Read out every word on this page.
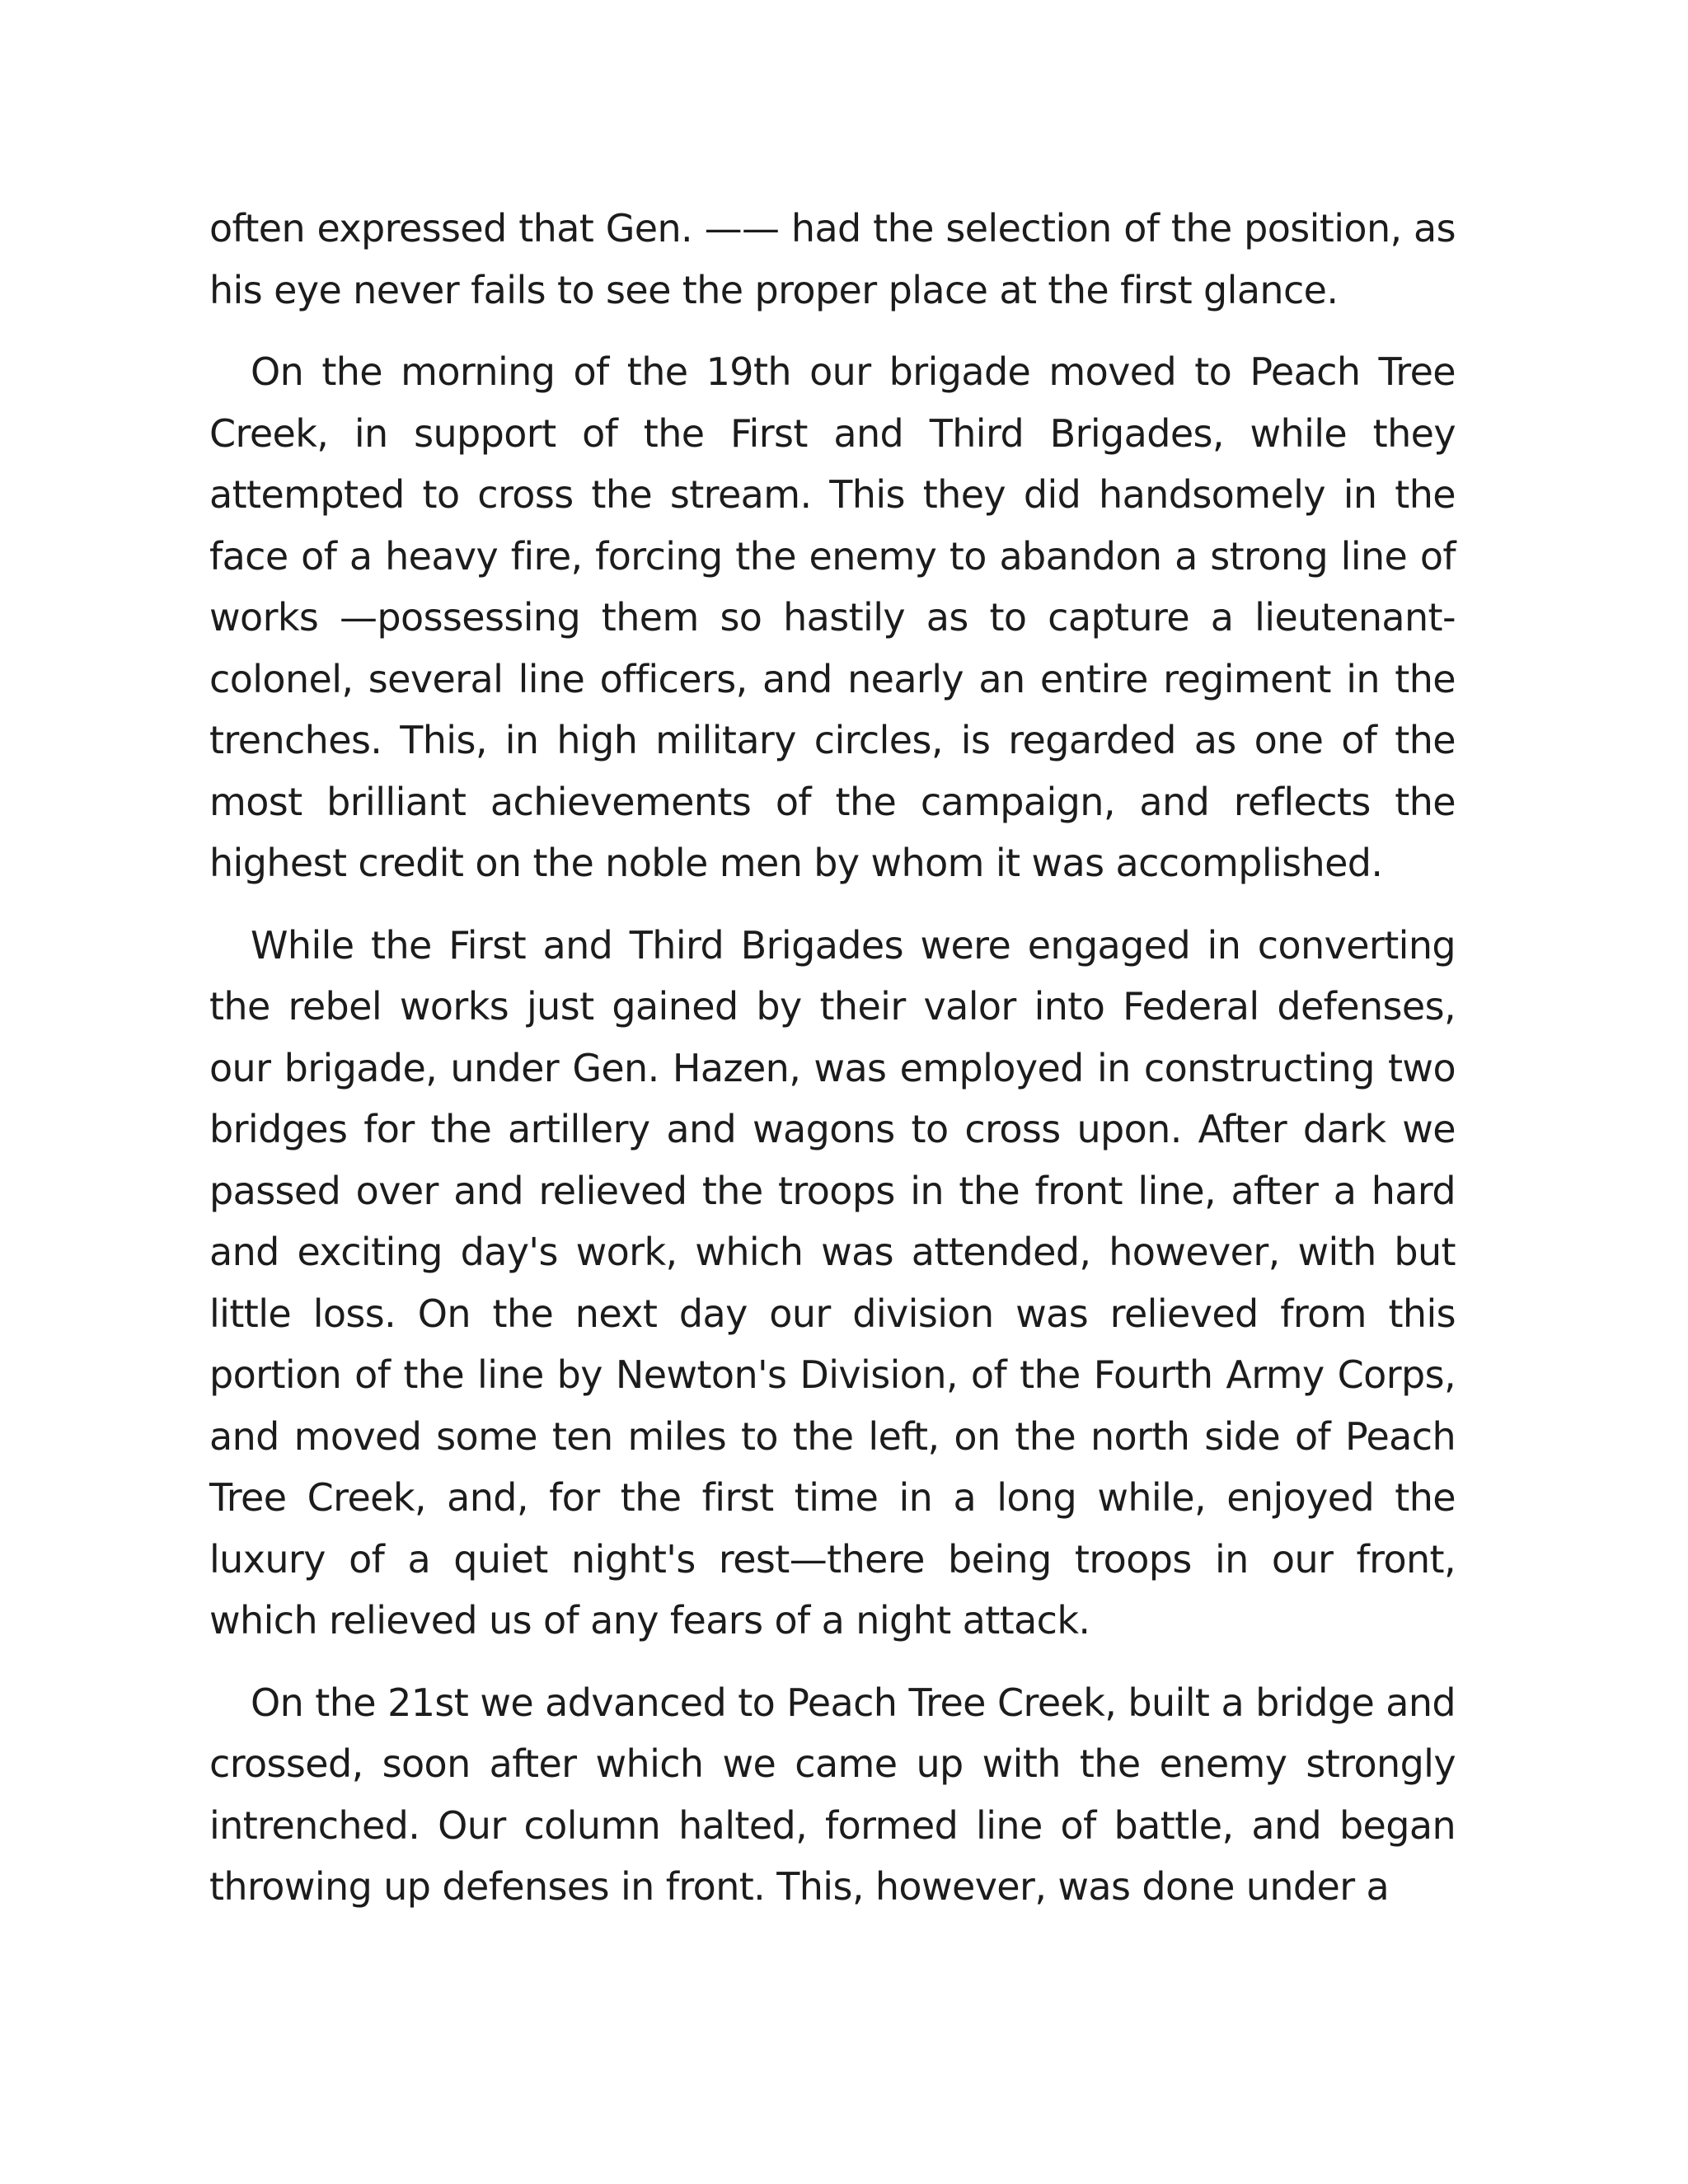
often expressed that Gen. —— had the selection of the position, as his eye never fails to see the proper place at the first glance.

On the morning of the 19th our brigade moved to Peach Tree Creek, in support of the First and Third Brigades, while they attempted to cross the stream. This they did handsomely in the face of a heavy fire, forcing the enemy to abandon a strong line of works —possessing them so hastily as to capture a lieutenant-colonel, several line officers, and nearly an entire regiment in the trenches. This, in high military circles, is regarded as one of the most brilliant achievements of the campaign, and reflects the highest credit on the noble men by whom it was accomplished.

While the First and Third Brigades were engaged in converting the rebel works just gained by their valor into Federal defenses, our brigade, under Gen. Hazen, was employed in constructing two bridges for the artillery and wagons to cross upon. After dark we passed over and relieved the troops in the front line, after a hard and exciting day's work, which was attended, however, with but little loss. On the next day our division was relieved from this portion of the line by Newton's Division, of the Fourth Army Corps, and moved some ten miles to the left, on the north side of Peach Tree Creek, and, for the first time in a long while, enjoyed the luxury of a quiet night's rest—there being troops in our front, which relieved us of any fears of a night attack.

On the 21st we advanced to Peach Tree Creek, built a bridge and crossed, soon after which we came up with the enemy strongly intrenched. Our column halted, formed line of battle, and began throwing up defenses in front. This, however, was done under a
